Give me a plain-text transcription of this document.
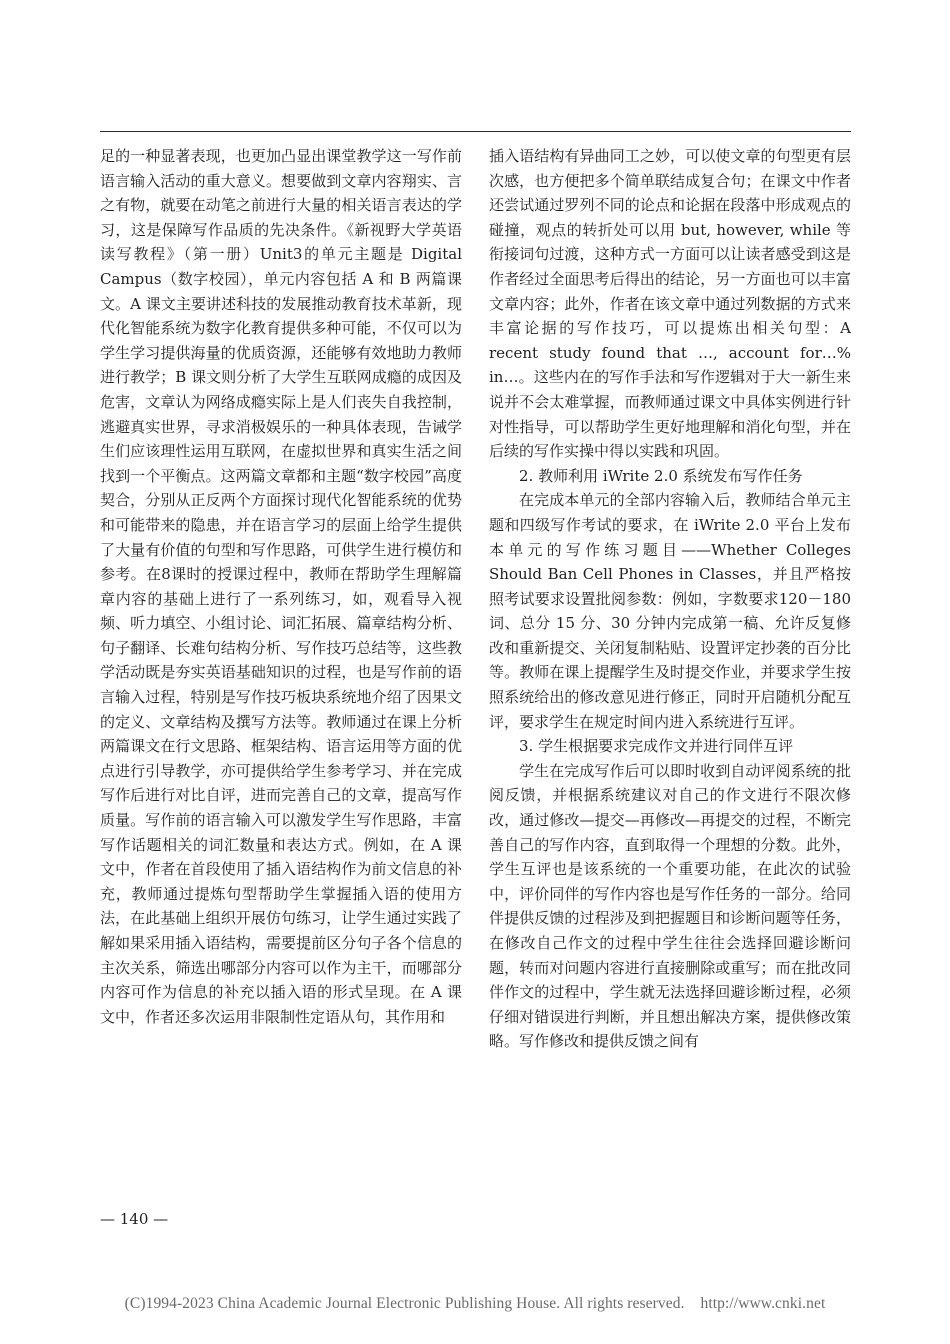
足的一种显著表现，也更加凸显出课堂教学这一写作前语言输入活动的重大意义。想要做到文章内容翔实、言之有物，就要在动笔之前进行大量的相关语言表达的学习，这是保障写作品质的先决条件。《新视野大学英语读写教程》（第一册）Unit3的单元主题是 Digital Campus（数字校园），单元内容包括 A 和 B 两篇课文。A 课文主要讲述科技的发展推动教育技术革新，现代化智能系统为数字化教育提供多种可能，不仅可以为学生学习提供海量的优质资源，还能够有效地助力教师进行教学；B 课文则分析了大学生互联网成瘾的成因及危害，文章认为网络成瘾实际上是人们丧失自我控制，逃避真实世界，寻求消极娱乐的一种具体表现，告诫学生们应该理性运用互联网，在虚拟世界和真实生活之间找到一个平衡点。这两篇文章都和主题“数字校园”高度契合，分别从正反两个方面探讨现代化智能系统的优势和可能带来的隐患，并在语言学习的层面上给学生提供了大量有价值的句型和写作思路，可供学生进行模仿和参考。在8课时的授课过程中，教师在帮助学生理解篇章内容的基础上进行了一系列练习，如，观看导入视频、听力填空、小组讨论、词汇拓展、篇章结构分析、句子翻译、长难句结构分析、写作技巧总结等，这些教学活动既是夯实英语基础知识的过程，也是写作前的语言输入过程，特别是写作技巧板块系统地介绍了因果文的定义、文章结构及撰写方法等。教师通过在课上分析两篇课文在行文思路、框架结构、语言运用等方面的优点进行引导教学，亦可提供给学生参考学习、并在完成写作后进行对比自评，进而完善自己的文章，提高写作质量。写作前的语言输入可以激发学生写作思路，丰富写作话题相关的词汇数量和表达方式。例如，在 A 课文中，作者在首段使用了插入语结构作为前文信息的补充，教师通过提炼句型帮助学生掌握插入语的使用方法，在此基础上组织开展仿句练习，让学生通过实践了解如果采用插入语结构，需要提前区分句子各个信息的主次关系，筛选出哪部分内容可以作为主干，而哪部分内容可作为信息的补充以插入语的形式呈现。在 A 课文中，作者还多次运用非限制性定语从句，其作用和

插入语结构有异曲同工之妙，可以使文章的句型更有层次感，也方便把多个简单联结成复合句；在课文中作者还尝试通过罗列不同的论点和论据在段落中形成观点的碰撞，观点的转折处可以用 but, however, while 等衔接词句过渡，这种方式一方面可以让读者感受到这是作者经过全面思考后得出的结论，另一方面也可以丰富文章内容；此外，作者在该文章中通过列数据的方式来丰富论据的写作技巧，可以提炼出相关句型：A recent study found that …, account for…% in…。这些内在的写作手法和写作逻辑对于大一新生来说并不会太难掌握，而教师通过课文中具体实例进行针对性指导，可以帮助学生更好地理解和消化句型，并在后续的写作实操中得以实践和巩固。

2. 教师利用 iWrite 2.0 系统发布写作任务

在完成本单元的全部内容输入后，教师结合单元主题和四级写作考试的要求，在 iWrite 2.0 平台上发布本单元的写作练习题目——Whether Colleges Should Ban Cell Phones in Classes，并且严格按照考试要求设置批阅参数：例如，字数要求120－180词、总分 15 分、30 分钟内完成第一稿、允许反复修改和重新提交、关闭复制粘贴、设置评定抄袭的百分比等。教师在课上提醒学生及时提交作业，并要求学生按照系统给出的修改意见进行修正，同时开启随机分配互评，要求学生在规定时间内进入系统进行互评。

3. 学生根据要求完成作文并进行同伴互评

学生在完成写作后可以即时收到自动评阅系统的批阅反馈，并根据系统建议对自己的作文进行不限次修改，通过修改—提交—再修改—再提交的过程，不断完善自己的写作内容，直到取得一个理想的分数。此外，学生互评也是该系统的一个重要功能，在此次的试验中，评价同伴的写作内容也是写作任务的一部分。给同伴提供反馈的过程涉及到把握题目和诊断问题等任务，在修改自己作文的过程中学生往往会选择回避诊断问题，转而对问题内容进行直接删除或重写；而在批改同伴作文的过程中，学生就无法选择回避诊断过程，必须仔细对错误进行判断，并且想出解决方案，提供修改策略。写作修改和提供反馈之间有

— 140 —
(C)1994-2023 China Academic Journal Electronic Publishing House. All rights reserved.    http://www.cnki.net
